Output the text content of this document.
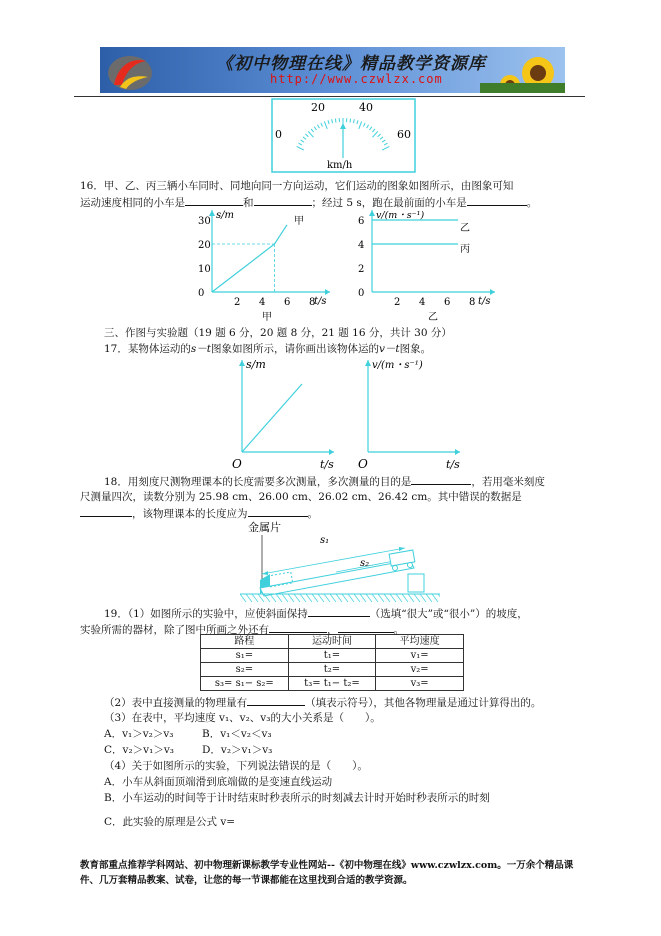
《初中物理在线》精品教学资源库
http://www.czwlzx.com
0
20	40
60
km/h
16．甲、乙、丙三辆小车同时、同地向同一方向运动，它们运动的图象如图所示，由图象可知
运动速度相同的小车是	和	；经过 5 s，跑在最前面的小车是	。
0
10
20
30
2 4 6 8
s/m
t/s
甲
甲
0
2
4
6
2 4 6 8
v/(m・s⁻¹)
t/s
乙
丙
乙
三、作图与实验题（19 题 6 分，20 题 8 分，21 题 16 分，共计 30 分）
17．某物体运动的s－t图象如图所示，请你画出该物体运的v－t图象。
s/m
t/s
O
v/(m・s⁻¹)
t/s
O
18．用刻度尺测物理课本的长度需要多次测量，多次测量的目的是	，若用毫米刻度
尺测量四次，读数分别为 25.98 cm、26.00 cm、26.02 cm、26.42 cm。其中错误的数据是
，该物理课本的长度应为	。
金属片
s₁
s₂
19．（1）如图所示的实验中，应使斜面保持	（选填“很大”或“很小”）的坡度，
实验所需的器材，除了图中所画之外还有	，	。
路程	运动时间	平均速度
s₁=	t₁=	v₁=
s₂=	t₂=	v₂=
s₃= s₁− s₂=	t₃= t₁− t₂=	v₃=
（2）表中直接测量的物理量有	（填表示符号），其他各物理量是通过计算得出的。
（3）在表中，平均速度 v₁、v₂、v₃的大小关系是（　　）。
A．v₁＞v₂＞v₃	B．v₁＜v₂＜v₃
C．v₂＞v₁＞v₃	D．v₂＞v₁＞v₃
（4）关于如图所示的实验，下列说法错误的是（　　）。
A．小车从斜面顶端滑到底端做的是变速直线运动
B．小车运动的时间等于计时结束时秒表所示的时刻减去计时开始时秒表所示的时刻
C．此实验的原理是公式 v=
教育部重点推荐学科网站、初中物理新课标教学专业性网站--《初中物理在线》www.czwlzx.com。一万余个精品课
件、几万套精品教案、试卷，让您的每一节课都能在这里找到合适的教学资源。
